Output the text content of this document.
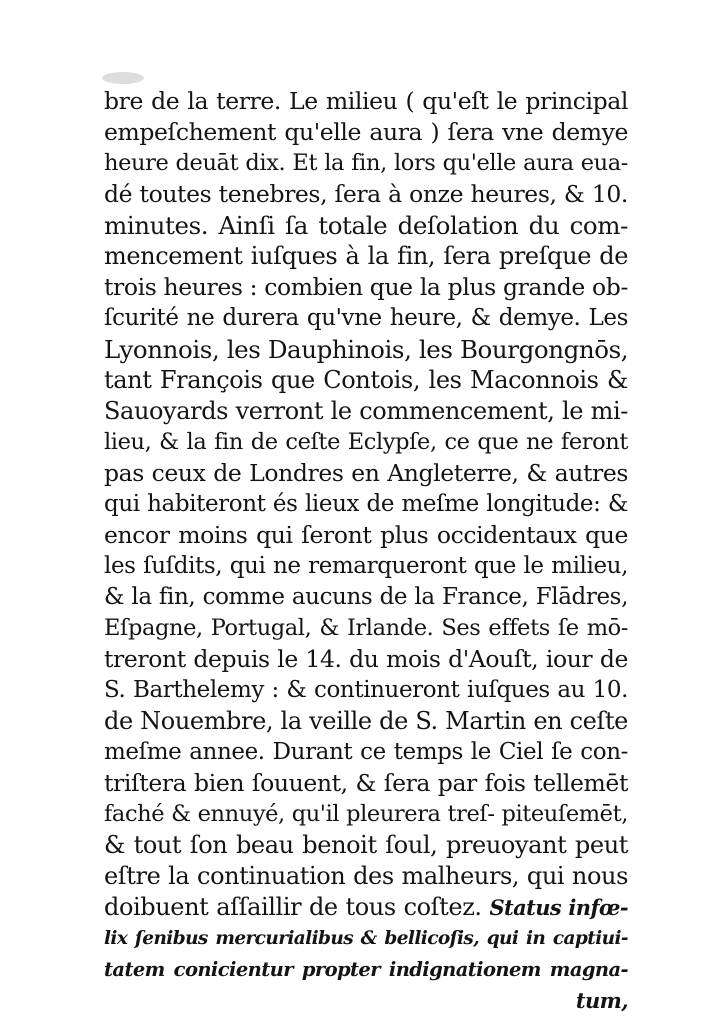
bre de la terre. Le milieu ( qu'eſt le principal
empeſchement qu'elle aura ) ſera vne demye
heure deuāt dix. Et la fin, lors qu'elle aura eua-
dé toutes tenebres, ſera à onze heures, & 10.
minutes. Ainſi ſa totale deſolation du com-
mencement iuſques à la fin, ſera preſque de
trois heures : combien que la plus grande ob-
ſcurité ne durera qu'vne heure, & demye. Les
Lyonnois, les Dauphinois, les Bourgongnōs,
tant François que Contois, les Maconnois &
Sauoyards verront le commencement, le mi-
lieu, & la fin de ceſte Eclypſe, ce que ne feront
pas ceux de Londres en Angleterre, & autres
qui habiteront és lieux de meſme longitude: &
encor moins qui ſeront plus occidentaux que
les ſuſdits, qui ne remarqueront que le milieu,
& la fin, comme aucuns de la France, Flādres,
Eſpagne, Portugal, & Irlande. Ses effets ſe mō-
treront depuis le 14. du mois d'Aouſt, iour de
S. Barthelemy : & continueront iuſques au 10.
de Nouembre, la veille de S. Martin en ceſte
meſme annee. Durant ce temps le Ciel ſe con-
triſtera bien ſouuent, & ſera par fois tellemēt
faché & ennuyé, qu'il pleurera treſ- piteuſemēt,
& tout ſon beau benoit ſoul, preuoyant peut
eſtre la continuation des malheurs, qui nous
doibuent aſſaillir de tous coſtez. Status infœ-
lix ſenibus mercurialibus & bellicoſis, qui in captiui-
tatem conicientur propter indignationem magna-
tum,
